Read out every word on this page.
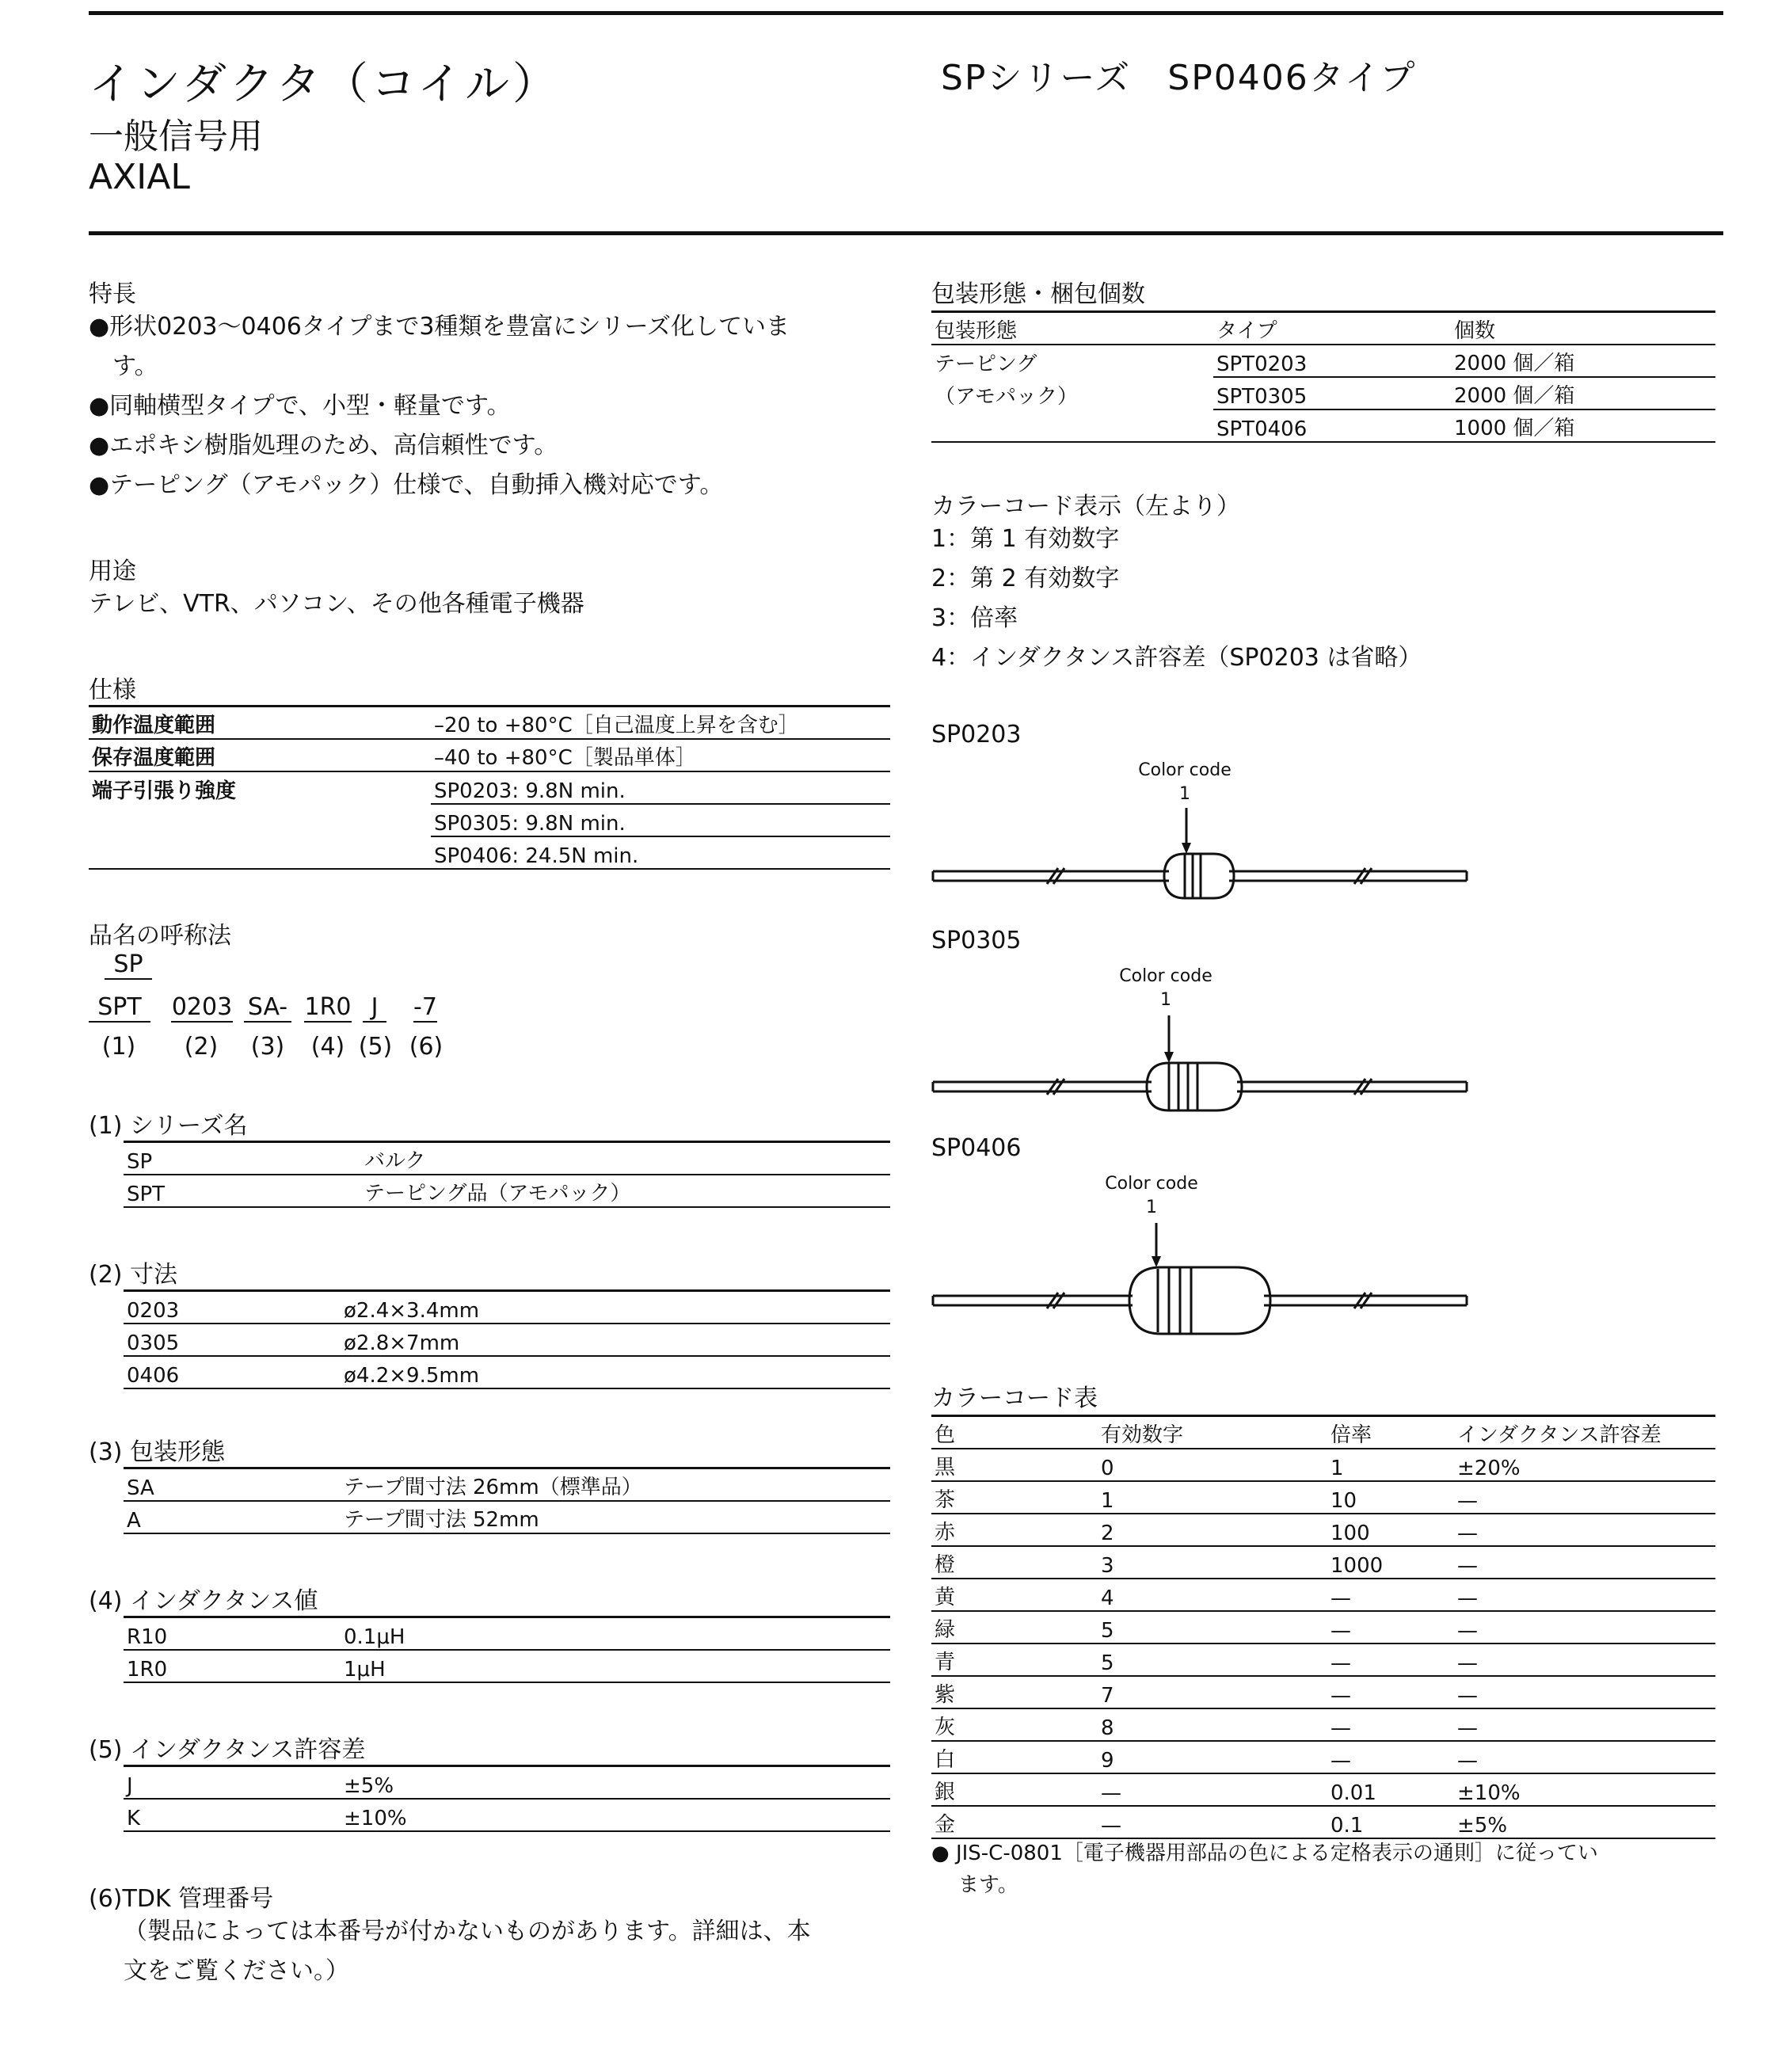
インダクタ（コイル）
一般信号用
AXIAL
SPシリーズ　SP0406タイプ
特長
●形状0203～0406タイプまで3種類を豊富にシリーズ化していま
す。
●同軸横型タイプで、小型・軽量です。
●エポキシ樹脂処理のため、高信頼性です。
●テーピング（アモパック）仕様で、自動挿入機対応です。
用途
テレビ、VTR、パソコン、その他各種電子機器
仕様
動作温度範囲	–20 to +80°C［自己温度上昇を含む］
保存温度範囲	–40 to +80°C［製品単体］
端子引張り強度	SP0203: 9.8N min.
	SP0305: 9.8N min.
	SP0406: 24.5N min.
品名の呼称法
SP
SPT	0203 SA- 1R0 J	-7
(1) (2) (3) (4) (5) (6)
(1) シリーズ名
SP	バルク
SPT	テーピング品（アモパック）
(2) 寸法
0203	ø2.4×3.4mm
0305	ø2.8×7mm
0406	ø4.2×9.5mm
(3) 包装形態
SA	テープ間寸法 26mm（標準品）
A	テープ間寸法 52mm
(4) インダクタンス値
R10	0.1μH
1R0	1μH
(5) インダクタンス許容差
J	±5%
K	±10%
(6)TDK 管理番号
（製品によっては本番号が付かないものがあります。詳細は、本
文をご覧ください。）
包装形態・梱包個数
包装形態	タイプ	個数
テーピング	SPT0203	2000 個／箱
（アモパック）	SPT0305	2000 個／箱
	SPT0406	1000 個／箱
カラーコード表示（左より）
1：第 1 有効数字
2：第 2 有効数字
3：倍率
4：インダクタンス許容差（SP0203 は省略）
SP0203
Color code
1
SP0305
Color code
1
SP0406
Color code
1
カラーコード表
色	有効数字	倍率	インダクタンス許容差
黒	0	1	±20%
茶	1	10	—
赤	2	100	—
橙	3	1000	—
黄	4	—	—
緑	5	—	—
青	5	—	—
紫	7	—	—
灰	8	—	—
白	9	—	—
銀	—	0.01	±10%
金	—	0.1	±5%
● JIS-C-0801［電子機器用部品の色による定格表示の通則］に従ってい
ます。
